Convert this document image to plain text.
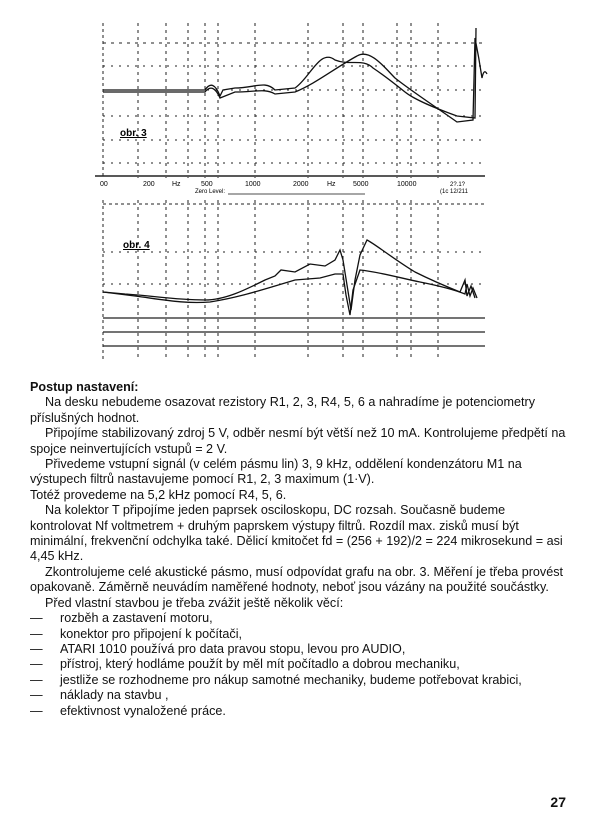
obr. 3
00	200 Hz	500	1000	2000	Hz 5000	10000	2?.1?
(1c 12/211
Zero Level:
obr. 4

Postup nastavení:

Na desku nebudeme osazovat rezistory R1, 2, 3, R4, 5, 6 a nahradíme je potenciometry příslušných hodnot.

Připojíme stabilizovaný zdroj 5 V, odběr nesmí být větší než 10 mA. Kontrolujeme předpětí na spojce neinvertujících vstupů = 2 V.

Přivedeme vstupní signál (v celém pásmu lin) 3, 9 kHz, oddělení kondenzátoru M1 na výstupech filtrů nastavujeme pomocí R1, 2, 3 maximum (1·V).

Totéž provedeme na 5,2 kHz pomocí R4, 5, 6.

Na kolektor T připojíme jeden paprsek osciloskopu, DC rozsah. Současně budeme kontrolovat Nf voltmetrem + druhým paprskem výstupy filtrů. Rozdíl max. zisků musí být minimální, frekvenční odchylka také. Dělicí kmitočet fd = (256 + 192)/2 = 224 mikrosekund = asi 4,45 kHz.

Zkontrolujeme celé akustické pásmo, musí odpovídat grafu na obr. 3. Měření je třeba provést opakovaně. Záměrně neuvádím naměřené hodnoty, neboť jsou vázány na použité součástky.

Před vlastní stavbou je třeba zvážit ještě několik věcí:

— rozběh a zastavení motoru,
— konektor pro připojení k počítači,
— ATARI 1010 používá pro data pravou stopu, levou pro AUDIO,
— přístroj, který hodláme použít by měl mít počítadlo a dobrou mechaniku,
— jestliže se rozhodneme pro nákup samotné mechaniky, budeme potřebovat krabici,
— náklady na stavbu ,
— efektivnost vynaložené práce.
27
